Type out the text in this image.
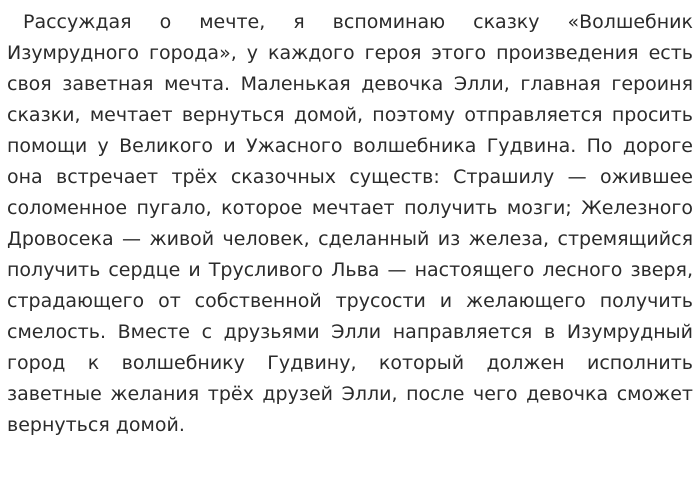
Рассуждая о мечте, я вспоминаю сказку «Волшебник Изумрудного города», у каждого героя этого произведения есть своя заветная мечта. Маленькая девочка Элли, главная героиня сказки, мечтает вернуться домой, поэтому отправляется просить помощи у Великого и Ужасного волшебника Гудвина. По дороге она встречает трёх сказочных существ: Страшилу — ожившее соломенное пугало, которое мечтает получить мозги; Железного Дровосека — живой человек, сделанный из железа, стремящийся получить сердце и Трусливого Льва — настоящего лесного зверя, страдающего от собственной трусости и желающего получить смелость. Вместе с друзьями Элли направляется в Изумрудный город к волшебнику Гудвину, который должен исполнить заветные желания трёх друзей Элли, после чего девочка сможет вернуться домой.
